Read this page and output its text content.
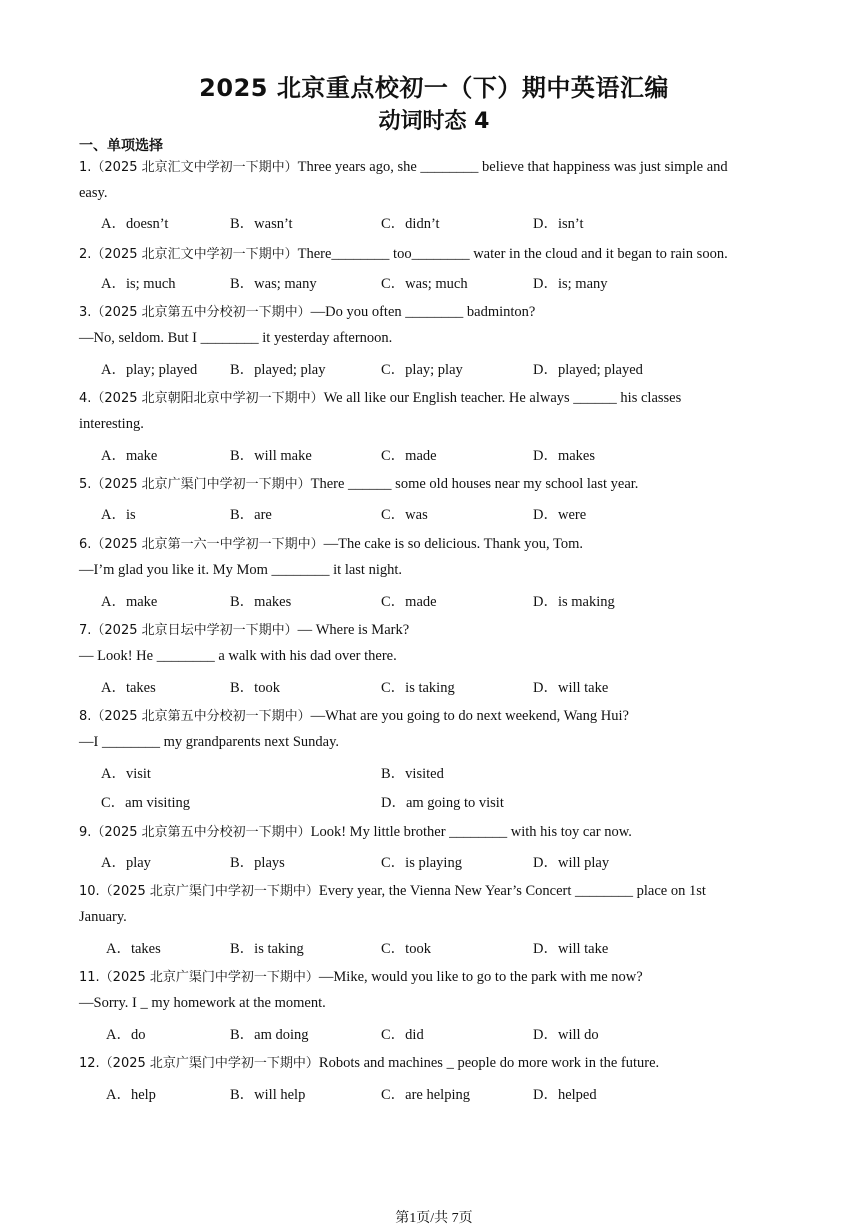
2025 北京重点校初一（下）期中英语汇编
动词时态 4
一、单项选择
1.（2025 北京汇文中学初一下期中）Three years ago, she ________ believe that happiness was just simple and
easy.
A．doesn’t	B．wasn’t	C．didn’t	D．isn’t
2.（2025 北京汇文中学初一下期中）There________ too________ water in the cloud and it began to rain soon.
A．is; much	B．was; many	C．was; much	D．is; many
3.（2025 北京第五中分校初一下期中）—Do you often ________ badminton?
—No, seldom. But I ________ it yesterday afternoon.
A．play; played B．played; play	C．play; play	D．played; played
4.（2025 北京朝阳北京中学初一下期中）We all like our English teacher. He always ______ his classes
interesting.
A．make	B．will make	C．made	D．makes
5.（2025 北京广渠门中学初一下期中）There ______ some old houses near my school last year.
A．is	B．are	C．was	D．were
6.（2025 北京第一六一中学初一下期中）—The cake is so delicious. Thank you, Tom.
—I’m glad you like it. My Mom ________ it last night.
A．make	B．makes	C．made	D．is making
7.（2025 北京日坛中学初一下期中）— Where is Mark?
— Look! He ________ a walk with his dad over there.
A．takes	B．took	C．is taking	D．will take
8.（2025 北京第五中分校初一下期中）—What are you going to do next weekend, Wang Hui?
—I ________ my grandparents next Sunday.
A．visit	B．visited
C．am visiting	D．am going to visit
9.（2025 北京第五中分校初一下期中）Look! My little brother ________ with his toy car now.
A．play	B．plays	C．is playing	D．will play
10.（2025 北京广渠门中学初一下期中）Every year, the Vienna New Year’s Concert ________ place on 1st
January.
A．takes	B．is taking	C．took	D．will take
11.（2025 北京广渠门中学初一下期中）—Mike, would you like to go to the park with me now?
—Sorry. I _ my homework at the moment.
A．do	B．am doing	C．did	D．will do
12.（2025 北京广渠门中学初一下期中）Robots and machines _ people do more work in the future.
A．help	B．will help	C．are helping	D．helped
第1页/共 7页
